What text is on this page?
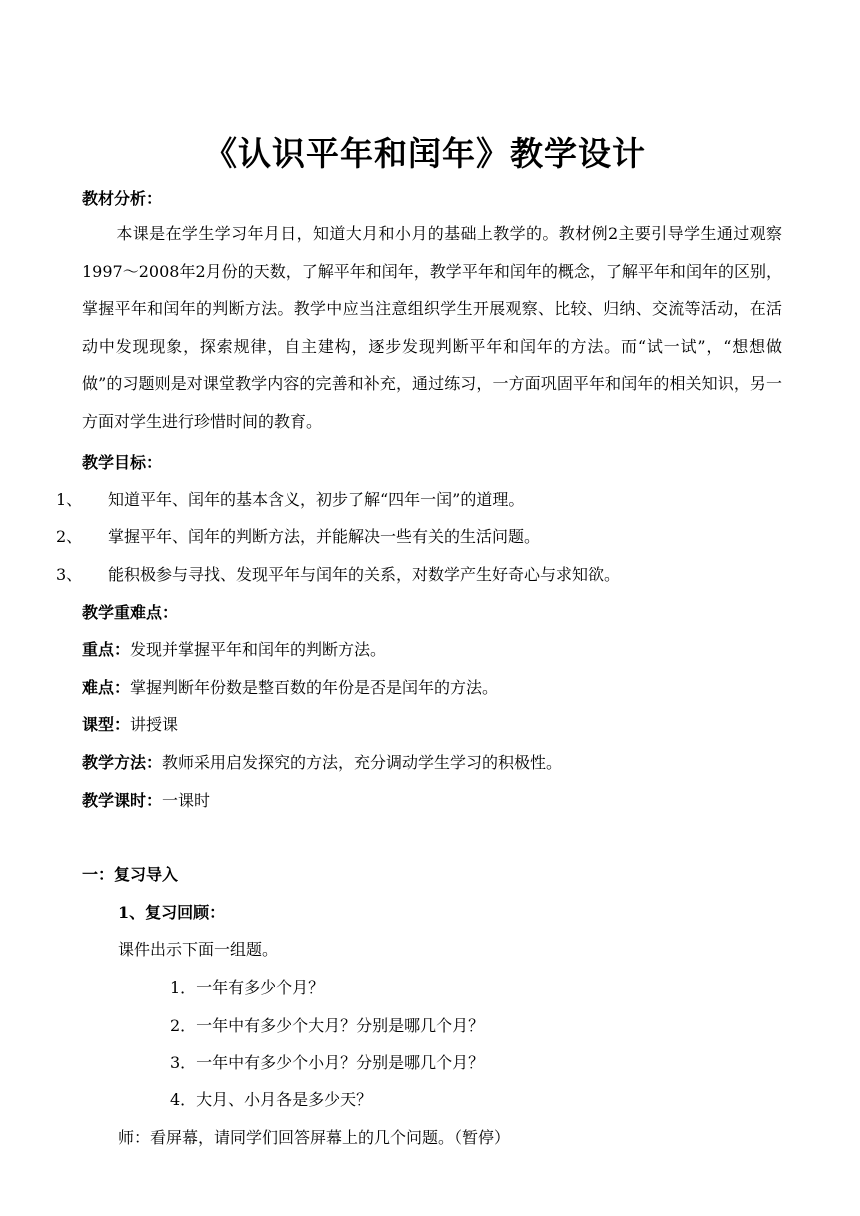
《认识平年和闰年》教学设计
教材分析：
本课是在学生学习年月日，知道大月和小月的基础上教学的。教材例2主要引导学生通过观察1997～2008年2月份的天数，了解平年和闰年，教学平年和闰年的概念，了解平年和闰年的区别，掌握平年和闰年的判断方法。教学中应当注意组织学生开展观察、比较、归纳、交流等活动，在活动中发现现象，探索规律，自主建构，逐步发现判断平年和闰年的方法。而“试一试”，“想想做做”的习题则是对课堂教学内容的完善和补充，通过练习，一方面巩固平年和闰年的相关知识，另一方面对学生进行珍惜时间的教育。
教学目标：
1、 知道平年、闰年的基本含义，初步了解“四年一闰”的道理。
2、 掌握平年、闰年的判断方法，并能解决一些有关的生活问题。
3、 能积极参与寻找、发现平年与闰年的关系，对数学产生好奇心与求知欲。
教学重难点：
重点：发现并掌握平年和闰年的判断方法。
难点：掌握判断年份数是整百数的年份是否是闰年的方法。
课型：讲授课
教学方法：教师采用启发探究的方法，充分调动学生学习的积极性。
教学课时：一课时
一：复习导入
1、复习回顾：
课件出示下面一组题。
1．一年有多少个月？
2．一年中有多少个大月？分别是哪几个月？
3．一年中有多少个小月？分别是哪几个月？
4．大月、小月各是多少天？
师：看屏幕，请同学们回答屏幕上的几个问题。（暂停）
